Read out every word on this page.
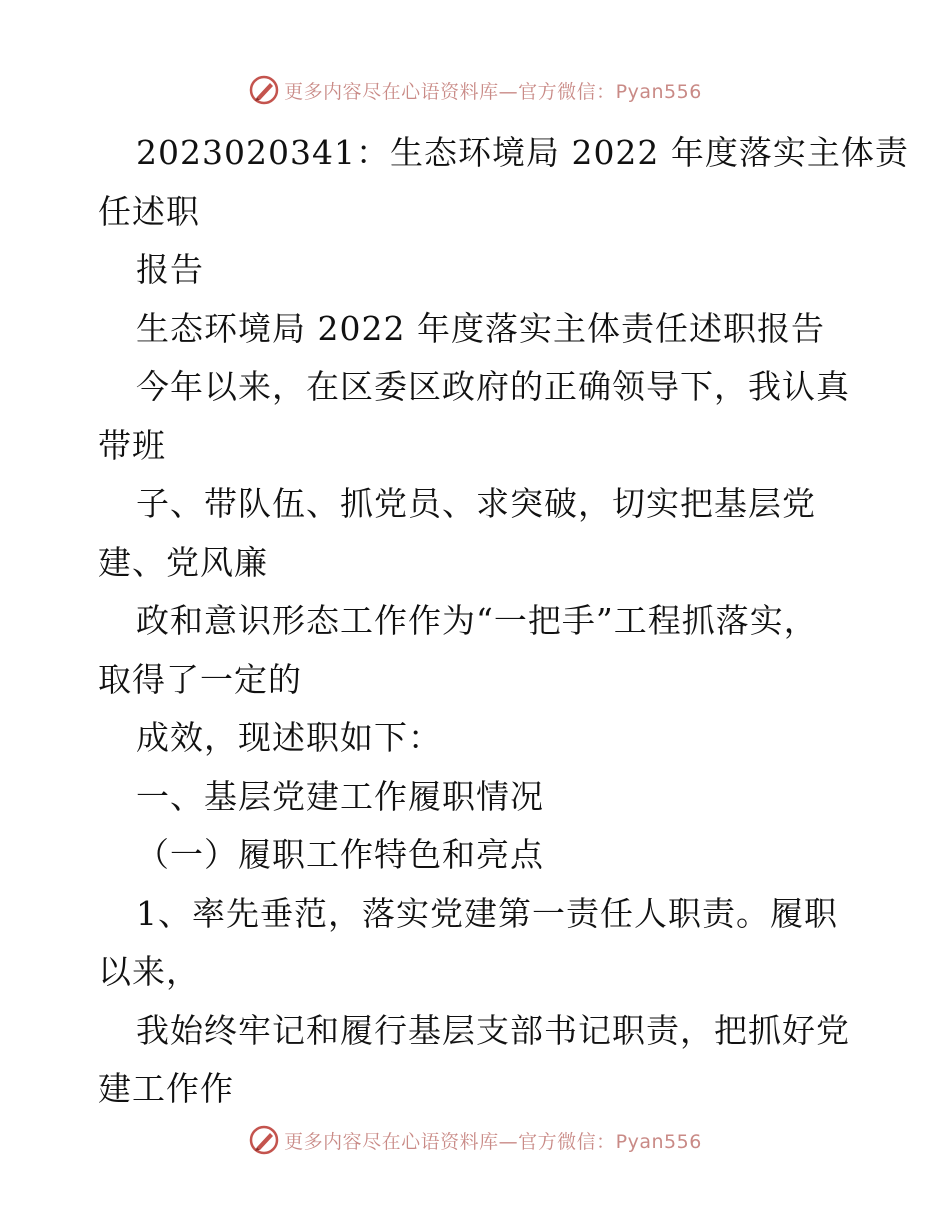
更多内容尽在心语资料库—官方微信：Pyan556
2023020341：生态环境局 2022 年度落实主体责
任述职
报告
生态环境局 2022 年度落实主体责任述职报告
今年以来，在区委区政府的正确领导下，我认真
带班
子、带队伍、抓党员、求突破，切实把基层党
建、党风廉
政和意识形态工作作为“一把手”工程抓落实，
取得了一定的
成效，现述职如下：
一、基层党建工作履职情况
（一）履职工作特色和亮点
1、率先垂范，落实党建第一责任人职责。履职
以来，
我始终牢记和履行基层支部书记职责，把抓好党
建工作作
更多内容尽在心语资料库—官方微信：Pyan556
